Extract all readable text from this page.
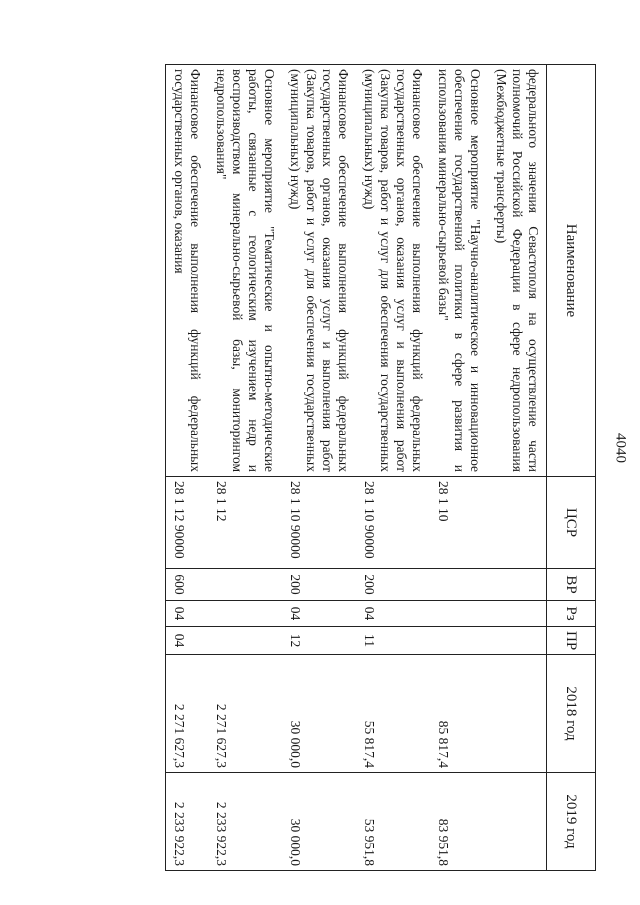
4040
Наименование	ЦСР	ВР	Рз	ПР	2018 год	2019 год
федерального значения Севастополя на осуществление части полномочий Российской Федерации в сфере недропользования (Межбюджетные трансферты)						
Основное мероприятие "Научно-аналитическое и инновационное обеспечение государственной политики в сфере развития и использования минерально-сырьевой базы"	28 1 10				85 817,4	83 951,8
Финансовое обеспечение выполнения функций федеральных государственных органов, оказания услуг и выполнения работ (Закупка товаров, работ и услуг для обеспечения государственных (муниципальных) нужд)	28 1 10 90000	200	04	11	55 817,4	53 951,8
Финансовое обеспечение выполнения функций федеральных государственных органов, оказания услуг и выполнения работ (Закупка товаров, работ и услуг для обеспечения государственных (муниципальных) нужд)	28 1 10 90000	200	04	12	30 000,0	30 000,0
Основное мероприятие "Тематические и опытно-методические работы, связанные с геологическим изучением недр и воспроизводством минерально-сырьевой базы, мониторингом недропользования"	28 1 12				2 271 627,3	2 233 922,3
Финансовое обеспечение выполнения функций федеральных государственных органов, оказания	28 1 12 90000	600	04	04	2 271 627,3	2 233 922,3
